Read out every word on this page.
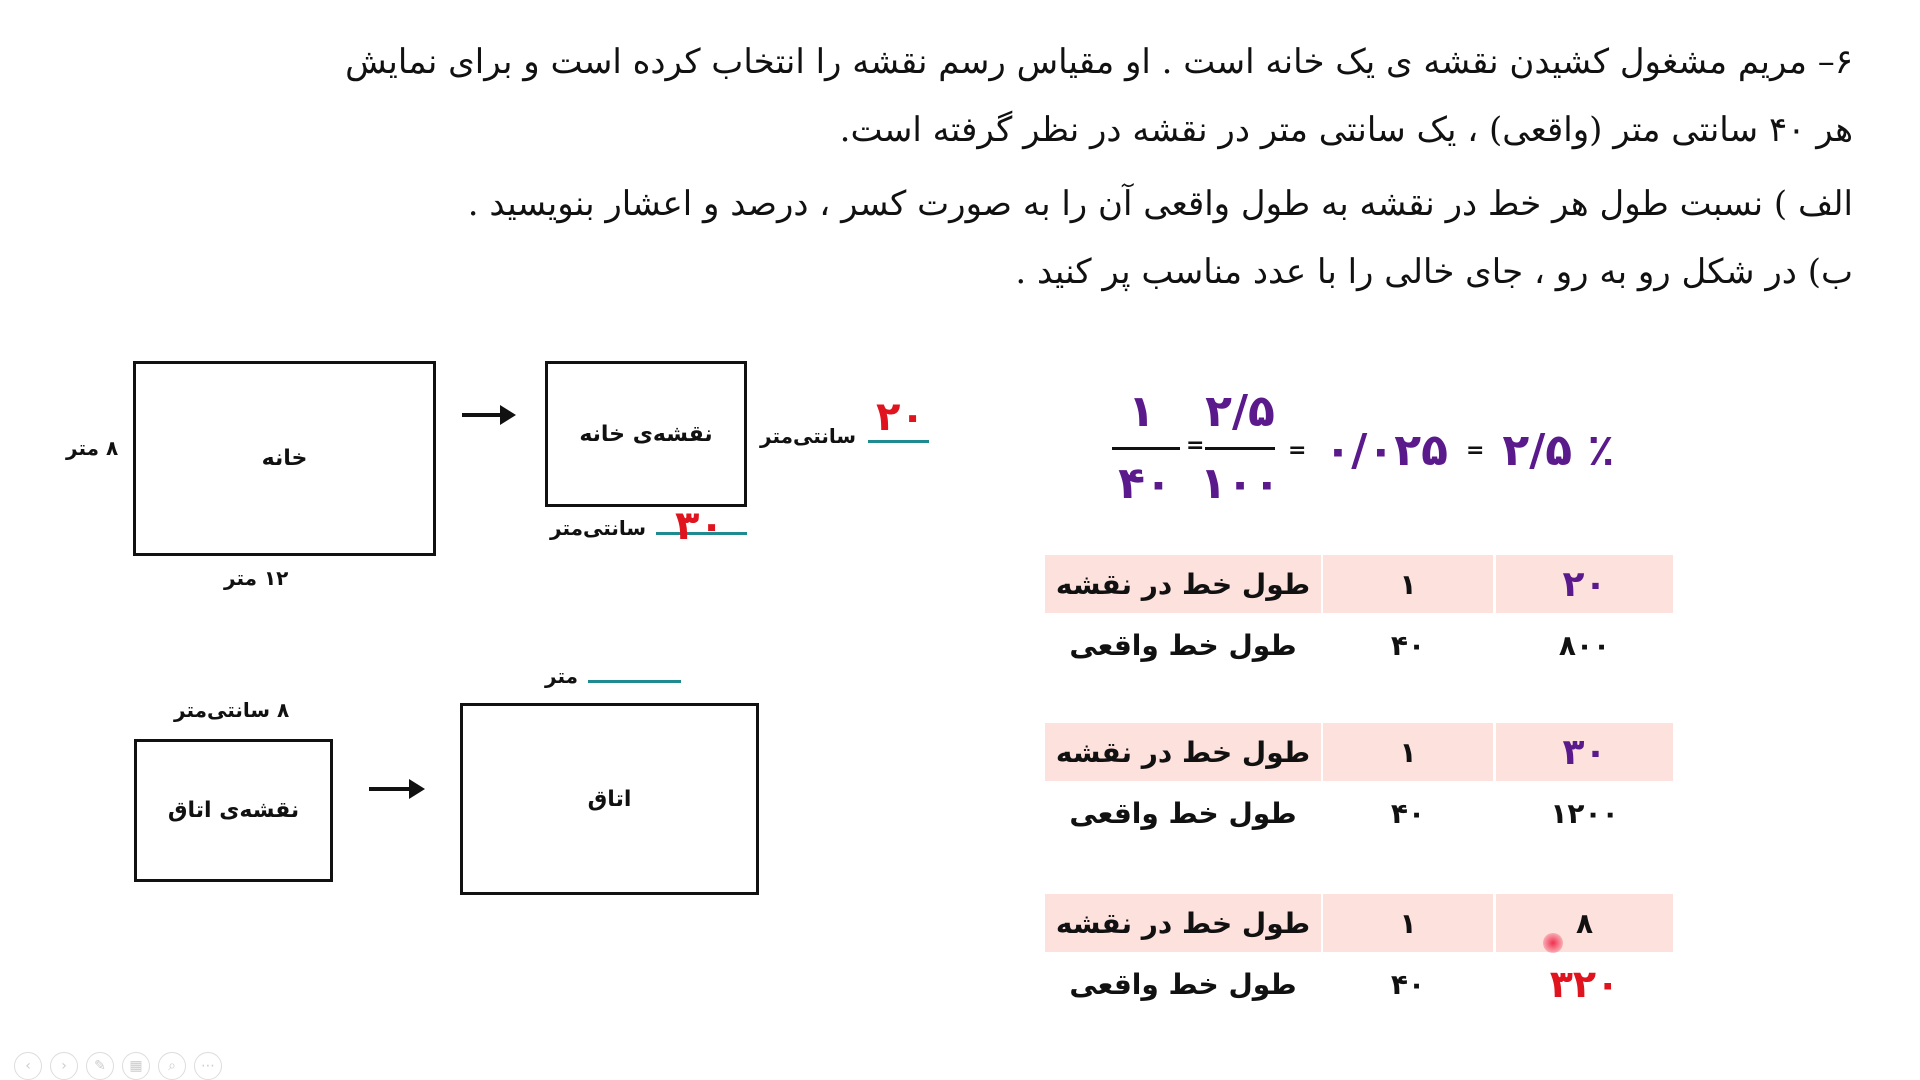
۶– مریم مشغول کشیدن نقشه ی یک خانه است . او مقیاس رسم نقشه را انتخاب کرده است و برای نمایش
هر ۴۰ سانتی متر (واقعی) ، یک سانتی متر در نقشه در نظر گرفته است.
الف ) نسبت طول هر خط در نقشه به طول واقعی آن را به صورت کسر ، درصد و اعشار بنویسید .
ب) در شکل رو به رو ، جای خالی را با عدد مناسب پر کنید .
خانه
۸ متر
۱۲ متر
نقشه‌ی خانه سانتی‌متر ۲۰
سانتی‌متر ۳۰
۸ سانتی‌متر
نقشه‌ی اتاق	اتاق
متر
۱
۴۰
=
۲/۵
۱۰۰
= ۰/۰۲۵ = ۲/۵ ٪
طول خط در نقشه	۱	۲۰
طول خط واقعی	۴۰	۸۰۰
طول خط در نقشه	۱	۳۰
طول خط واقعی	۴۰	۱۲۰۰
طول خط در نقشه	۱	۸
طول خط واقعی	۴۰	۳۲۰
‹	›	✎	▦	⌕	⋯
